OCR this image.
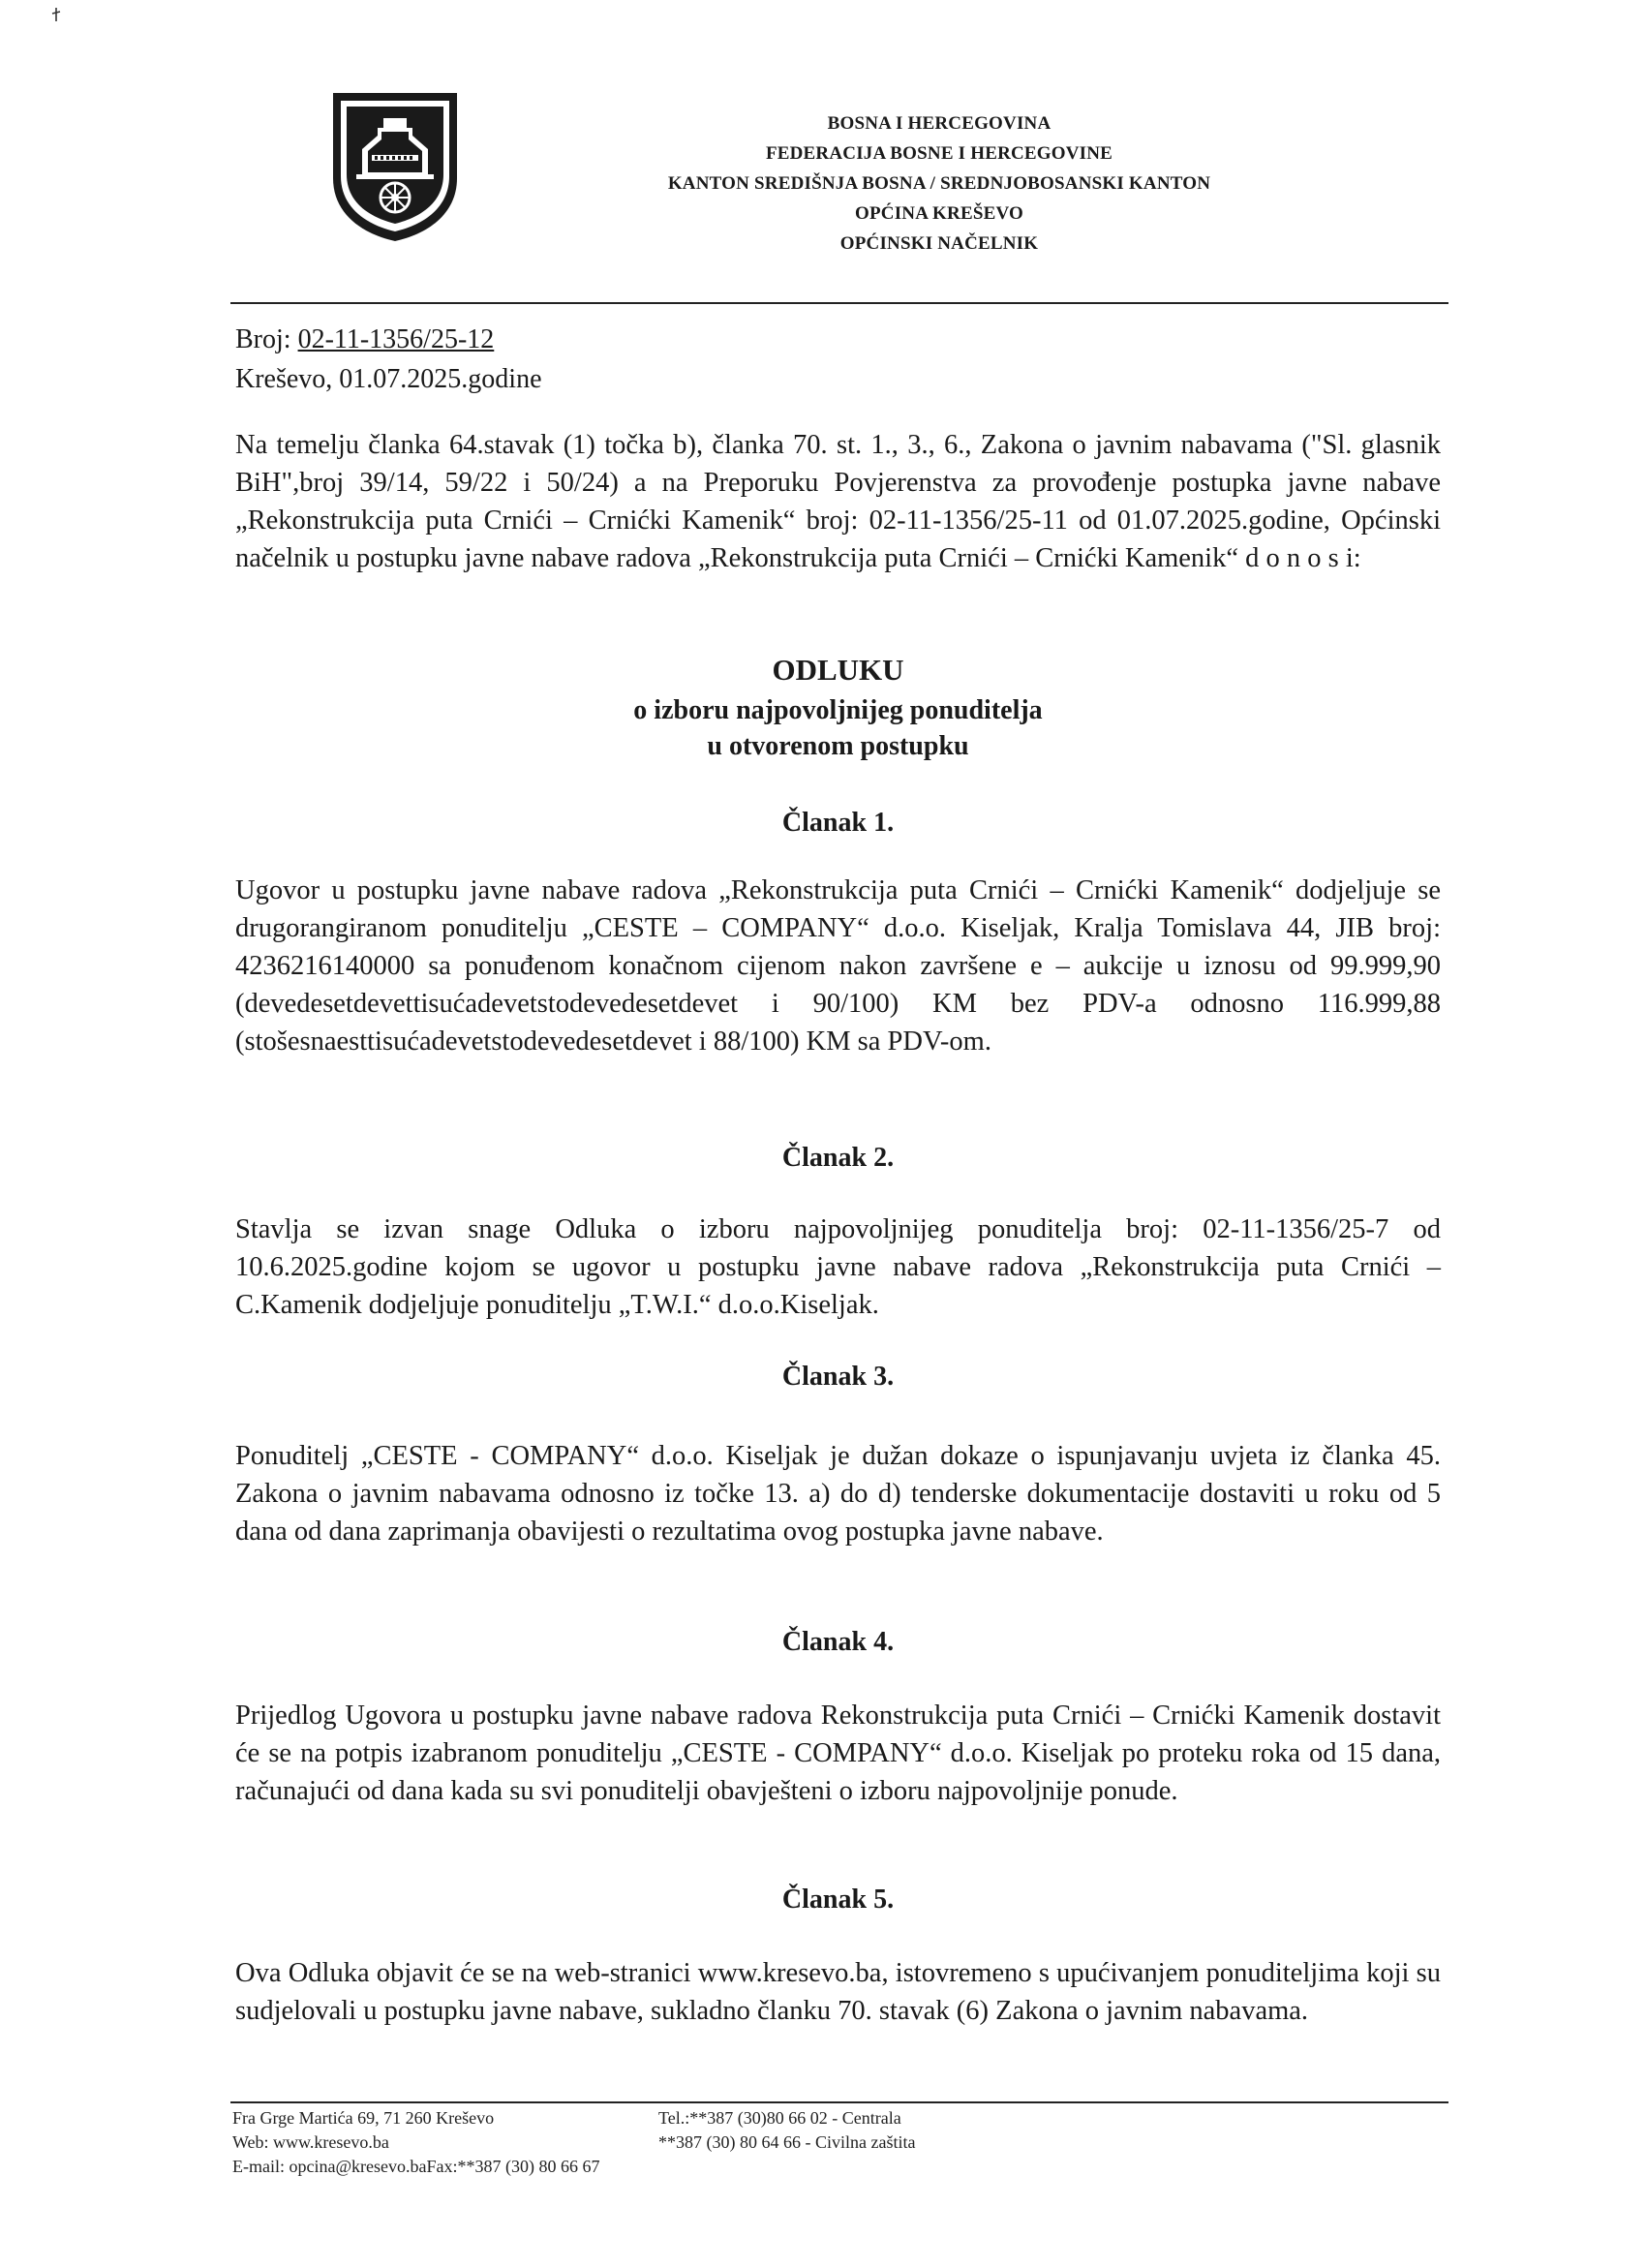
BOSNA I HERCEGOVINA
FEDERACIJA BOSNE I HERCEGOVINE
KANTON SREDIŠNJA BOSNA / SREDNJOBOSANSKI KANTON
OPĆINA KREŠEVO
OPĆINSKI NAČELNIK
Broj: 02-11-1356/25-12
Kreševo, 01.07.2025.godine
Na temelju članka 64.stavak (1) točka b), članka 70. st. 1., 3., 6., Zakona o javnim nabavama ("Sl. glasnik BiH",broj 39/14, 59/22 i 50/24) a na Preporuku Povjerenstva za provođenje postupka javne nabave „Rekonstrukcija puta Crnići – Crnićki Kamenik“ broj: 02-11-1356/25-11 od 01.07.2025.godine, Općinski načelnik u postupku javne nabave radova „Rekonstrukcija puta Crnići – Crnićki Kamenik“ d o n o s i:
ODLUKU
o izboru najpovoljnijeg ponuditelja
u otvorenom postupku
Članak 1.
Ugovor u postupku javne nabave radova „Rekonstrukcija puta Crnići – Crnićki Kamenik“ dodjeljuje se drugorangiranom ponuditelju „CESTE – COMPANY“ d.o.o. Kiseljak, Kralja Tomislava 44, JIB broj: 4236216140000 sa ponuđenom konačnom cijenom nakon završene e – aukcije u iznosu od 99.999,90 (devedesetdevettisućadevetstodevedesetdevet i 90/100) KM bez PDV-a odnosno 116.999,88 (stošesnaesttisućadevetstodevedesetdevet i 88/100) KM sa PDV-om.
Članak 2.
Stavlja se izvan snage Odluka o izboru najpovoljnijeg ponuditelja broj: 02-11-1356/25-7 od 10.6.2025.godine kojom se ugovor u postupku javne nabave radova „Rekonstrukcija puta Crnići – C.Kamenik dodjeljuje ponuditelju „T.W.I.“ d.o.o.Kiseljak.
Članak 3.
Ponuditelj „CESTE - COMPANY“ d.o.o. Kiseljak je dužan dokaze o ispunjavanju uvjeta iz članka 45. Zakona o javnim nabavama odnosno iz točke 13. a) do d) tenderske dokumentacije dostaviti u roku od 5 dana od dana zaprimanja obavijesti o rezultatima ovog postupka javne nabave.
Članak 4.
Prijedlog Ugovora u postupku javne nabave radova Rekonstrukcija puta Crnići – Crnićki Kamenik dostavit će se na potpis izabranom ponuditelju „CESTE - COMPANY“ d.o.o. Kiseljak po proteku roka od 15 dana, računajući od dana kada su svi ponuditelji obavješteni o izboru najpovoljnije ponude.
Članak 5.
Ova Odluka objavit će se na web-stranici www.kresevo.ba, istovremeno s upućivanjem ponuditeljima koji su sudjelovali u postupku javne nabave, sukladno članku 70. stavak (6) Zakona o javnim nabavama.
Fra Grge Martića 69, 71 260 Kreševo
Web: www.kresevo.ba
E-mail: opcina@kresevo.baFax:**387 (30) 80 66 67
Tel.:**387 (30)80 66 02 - Centrala
**387 (30) 80 64 66 - Civilna zaštita
